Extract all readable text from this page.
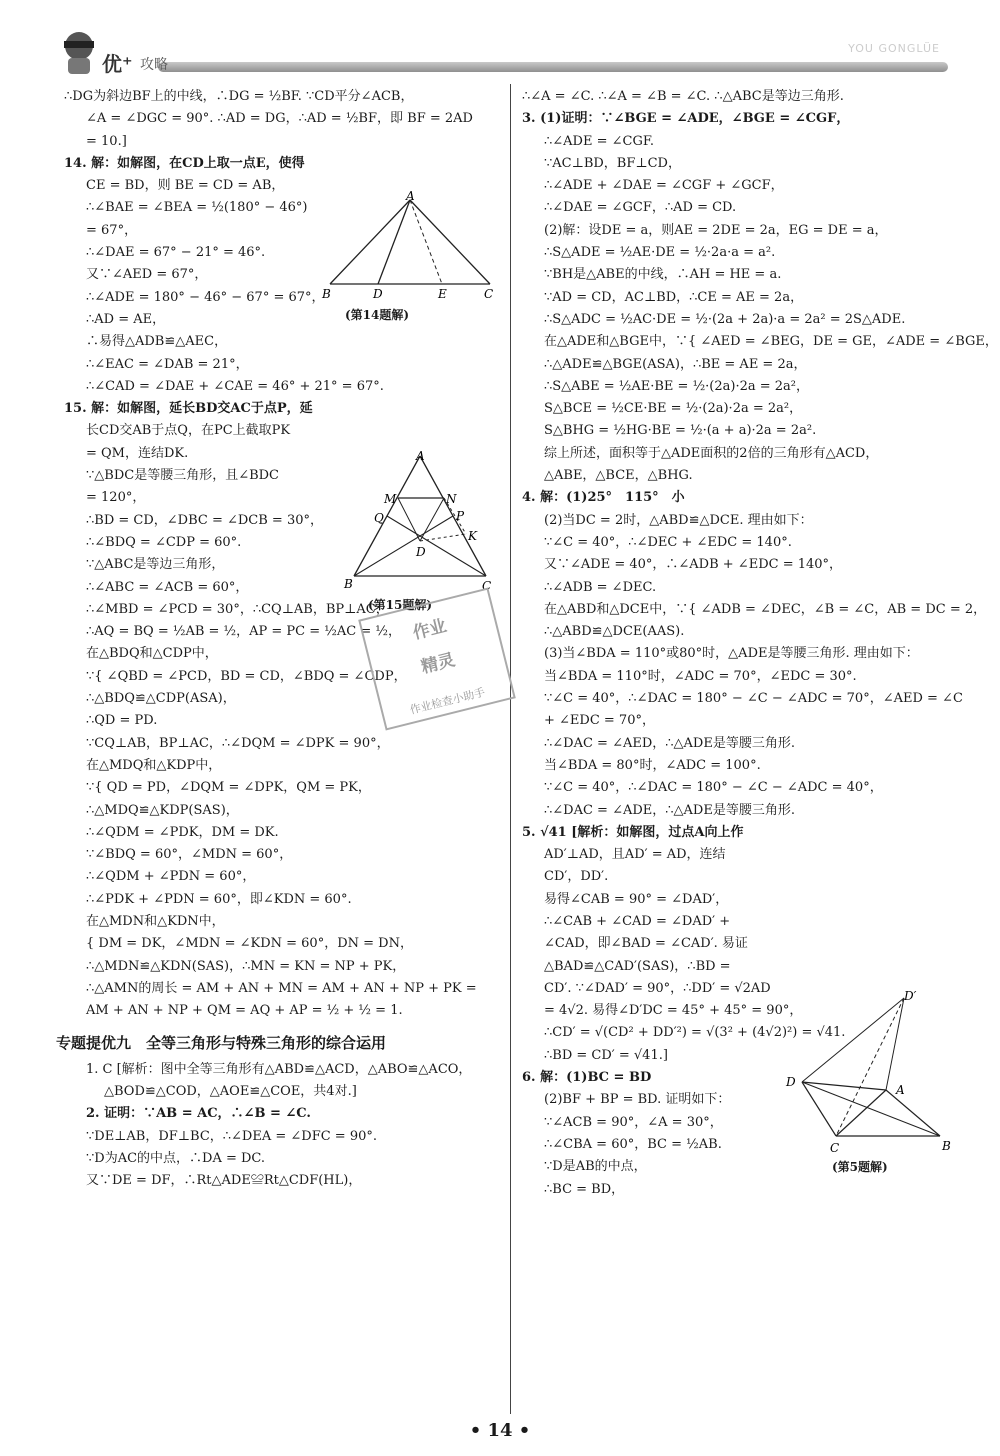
优⁺ 攻略
YOU GONGLÜE
∴DG为斜边BF上的中线，∴DG = ½BF. ∵CD平分∠ACB，
∠A = ∠DGC = 90°. ∴AD = DG，∴AD = ½BF，即 BF = 2AD
= 10.]
14. 解：如解图，在CD上取一点E，使得
CE = BD，则 BE = CD = AB，
∴∠BAE = ∠BEA = ½(180° − 46°)
= 67°，
∴∠DAE = 67° − 21° = 46°.
又∵∠AED = 67°，
∴∠ADE = 180° − 46° − 67° = 67°，
∴AD = AE，
∴易得△ADB≌△AEC，
∴∠EAC = ∠DAB = 21°，
∴∠CAD = ∠DAE + ∠CAE = 46° + 21° = 67°.
15. 解：如解图，延长BD交AC于点P，延
长CD交AB于点Q，在PC上截取PK
= QM，连结DK.
∵△BDC是等腰三角形，且∠BDC
= 120°，
∴BD = CD，∠DBC = ∠DCB = 30°，
∴∠BDQ = ∠CDP = 60°.
∵△ABC是等边三角形，
∴∠ABC = ∠ACB = 60°，
∴∠MBD = ∠PCD = 30°，∴CQ⊥AB，BP⊥AC，
∴AQ = BQ = ½AB = ½，AP = PC = ½AC = ½，
在△BDQ和△CDP中，
∵{ ∠QBD = ∠PCD，BD = CD，∠BDQ = ∠CDP，
∴△BDQ≌△CDP(ASA)，
∴QD = PD.
∵CQ⊥AB，BP⊥AC，∴∠DQM = ∠DPK = 90°，
在△MDQ和△KDP中，
∵{ QD = PD，∠DQM = ∠DPK，QM = PK，
∴△MDQ≌△KDP(SAS)，
∴∠QDM = ∠PDK，DM = DK.
∵∠BDQ = 60°，∠MDN = 60°，
∴∠QDM + ∠PDN = 60°，
∴∠PDK + ∠PDN = 60°，即∠KDN = 60°.
在△MDN和△KDN中，
{ DM = DK，∠MDN = ∠KDN = 60°，DN = DN，
∴△MDN≌△KDN(SAS)，∴MN = KN = NP + PK，
∴△AMN的周长 = AM + AN + MN = AM + AN + NP + PK =
AM + AN + NP + QM = AQ + AP = ½ + ½ = 1.
专题提优九　全等三角形与特殊三角形的综合运用
1. C [解析：图中全等三角形有△ABD≌△ACD，△ABO≌△ACO，
△BOD≌△COD，△AOE≌△COE，共4对.]
2. 证明：∵AB = AC，∴∠B = ∠C.
∵DE⊥AB，DF⊥BC，∴∠DEA = ∠DFC = 90°.
∵D为AC的中点，∴DA = DC.
又∵DE = DF，∴Rt△ADE≌Rt△CDF(HL)，
∴∠A = ∠C. ∴∠A = ∠B = ∠C. ∴△ABC是等边三角形.
3. (1)证明：∵∠BGE = ∠ADE，∠BGE = ∠CGF，
∴∠ADE = ∠CGF.
∵AC⊥BD，BF⊥CD，
∴∠ADE + ∠DAE = ∠CGF + ∠GCF，
∴∠DAE = ∠GCF，∴AD = CD.
(2)解：设DE = a，则AE = 2DE = 2a，EG = DE = a，
∴S△ADE = ½AE·DE = ½·2a·a = a².
∵BH是△ABE的中线，∴AH = HE = a.
∵AD = CD，AC⊥BD，∴CE = AE = 2a，
∴S△ADC = ½AC·DE = ½·(2a + 2a)·a = 2a² = 2S△ADE.
在△ADE和△BGE中，∵{ ∠AED = ∠BEG，DE = GE，∠ADE = ∠BGE，
∴△ADE≌△BGE(ASA)，∴BE = AE = 2a，
∴S△ABE = ½AE·BE = ½·(2a)·2a = 2a²，
S△BCE = ½CE·BE = ½·(2a)·2a = 2a²，
S△BHG = ½HG·BE = ½·(a + a)·2a = 2a².
综上所述，面积等于△ADE面积的2倍的三角形有△ACD，
△ABE，△BCE，△BHG.
4. 解：(1)25°　115°　小
(2)当DC = 2时，△ABD≌△DCE. 理由如下：
∵∠C = 40°，∴∠DEC + ∠EDC = 140°.
又∵∠ADE = 40°，∴∠ADB + ∠EDC = 140°，
∴∠ADB = ∠DEC.
在△ABD和△DCE中，∵{ ∠ADB = ∠DEC，∠B = ∠C，AB = DC = 2，
∴△ABD≌△DCE(AAS).
(3)当∠BDA = 110°或80°时，△ADE是等腰三角形. 理由如下：
当∠BDA = 110°时，∠ADC = 70°，∠EDC = 30°.
∵∠C = 40°，∴∠DAC = 180° − ∠C − ∠ADC = 70°，∠AED = ∠C
+ ∠EDC = 70°，
∴∠DAC = ∠AED，∴△ADE是等腰三角形.
当∠BDA = 80°时，∠ADC = 100°.
∵∠C = 40°，∴∠DAC = 180° − ∠C − ∠ADC = 40°，
∴∠DAC = ∠ADE，∴△ADE是等腰三角形.
5. √41 [解析：如解图，过点A向上作
AD′⊥AD，且AD′ = AD，连结
CD′，DD′.
易得∠CAB = 90° = ∠DAD′，
∴∠CAB + ∠CAD = ∠DAD′ +
∠CAD，即∠BAD = ∠CAD′. 易证
△BAD≌△CAD′(SAS)，∴BD =
CD′. ∵∠DAD′ = 90°，∴DD′ = √2AD
= 4√2. 易得∠D′DC = 45° + 45° = 90°，
∴CD′ = √(CD² + DD′²) = √(3² + (4√2)²) = √41.
∴BD = CD′ = √41.]
6. 解：(1)BC = BD
(2)BF + BP = BD. 证明如下：
∵∠ACB = 90°，∠A = 30°，
∴∠CBA = 60°，BC = ½AB.
∵D是AB的中点，
∴BC = BD，
A
B	D	E	C
(第14题解)
A
M	N
Q	P
K
D
B	C
(第15题解)
作业
精灵
作业检查小助手
D′
D
A
C	B
(第5题解)
• 14 •
